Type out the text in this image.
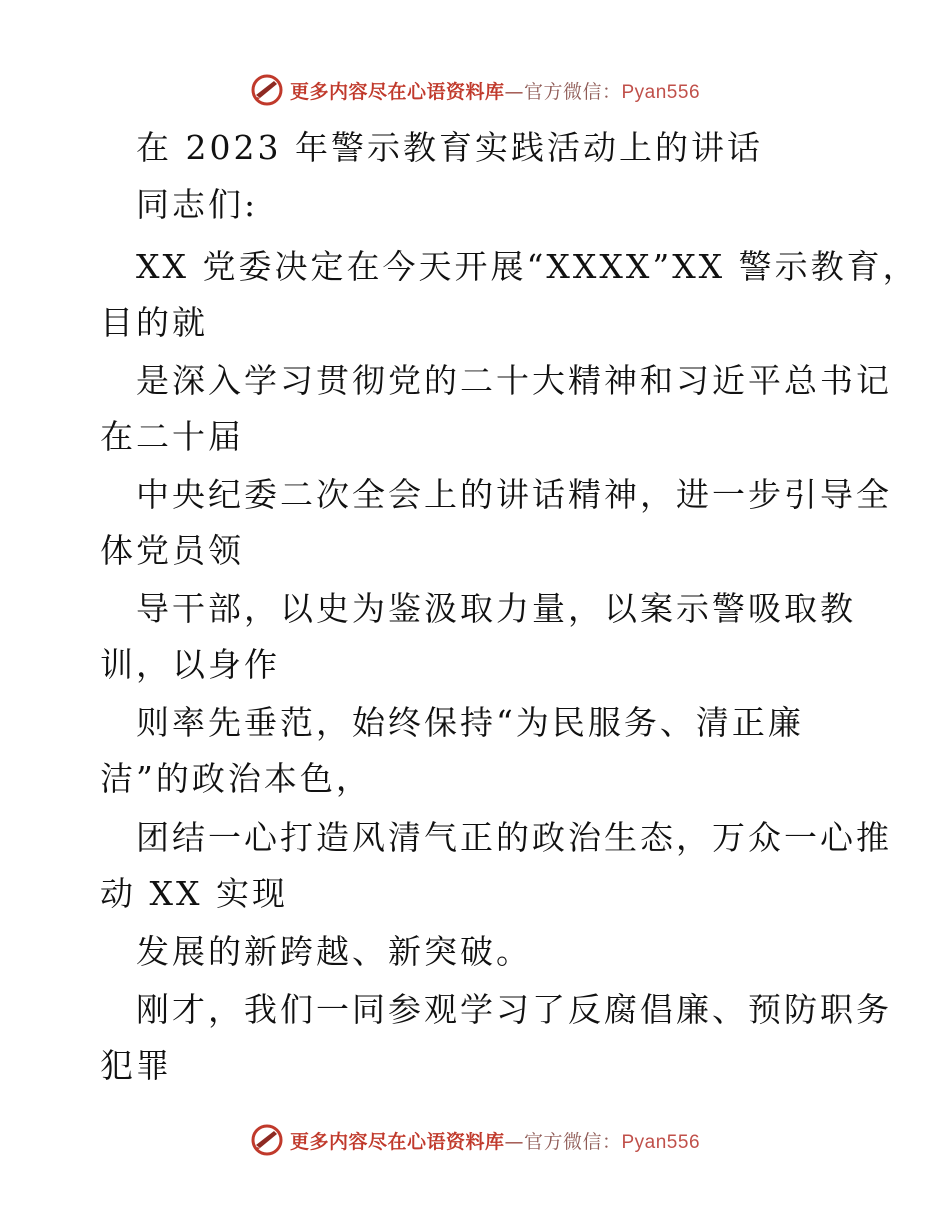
更多内容尽在心语资料库—官方微信：Pyan556
在 2023 年警示教育实践活动上的讲话
同志们:
XX 党委决定在今天开展“XXXX”XX 警示教育，
目的就
是深入学习贯彻党的二十大精神和习近平总书记
在二十届
中央纪委二次全会上的讲话精神，进一步引导全
体党员领
导干部，以史为鉴汲取力量，以案示警吸取教
训，以身作
则率先垂范，始终保持“为民服务、清正廉
洁”的政治本色，
团结一心打造风清气正的政治生态，万众一心推
动 XX 实现
发展的新跨越、新突破。
刚才，我们一同参观学习了反腐倡廉、预防职务
犯罪
更多内容尽在心语资料库—官方微信：Pyan556
